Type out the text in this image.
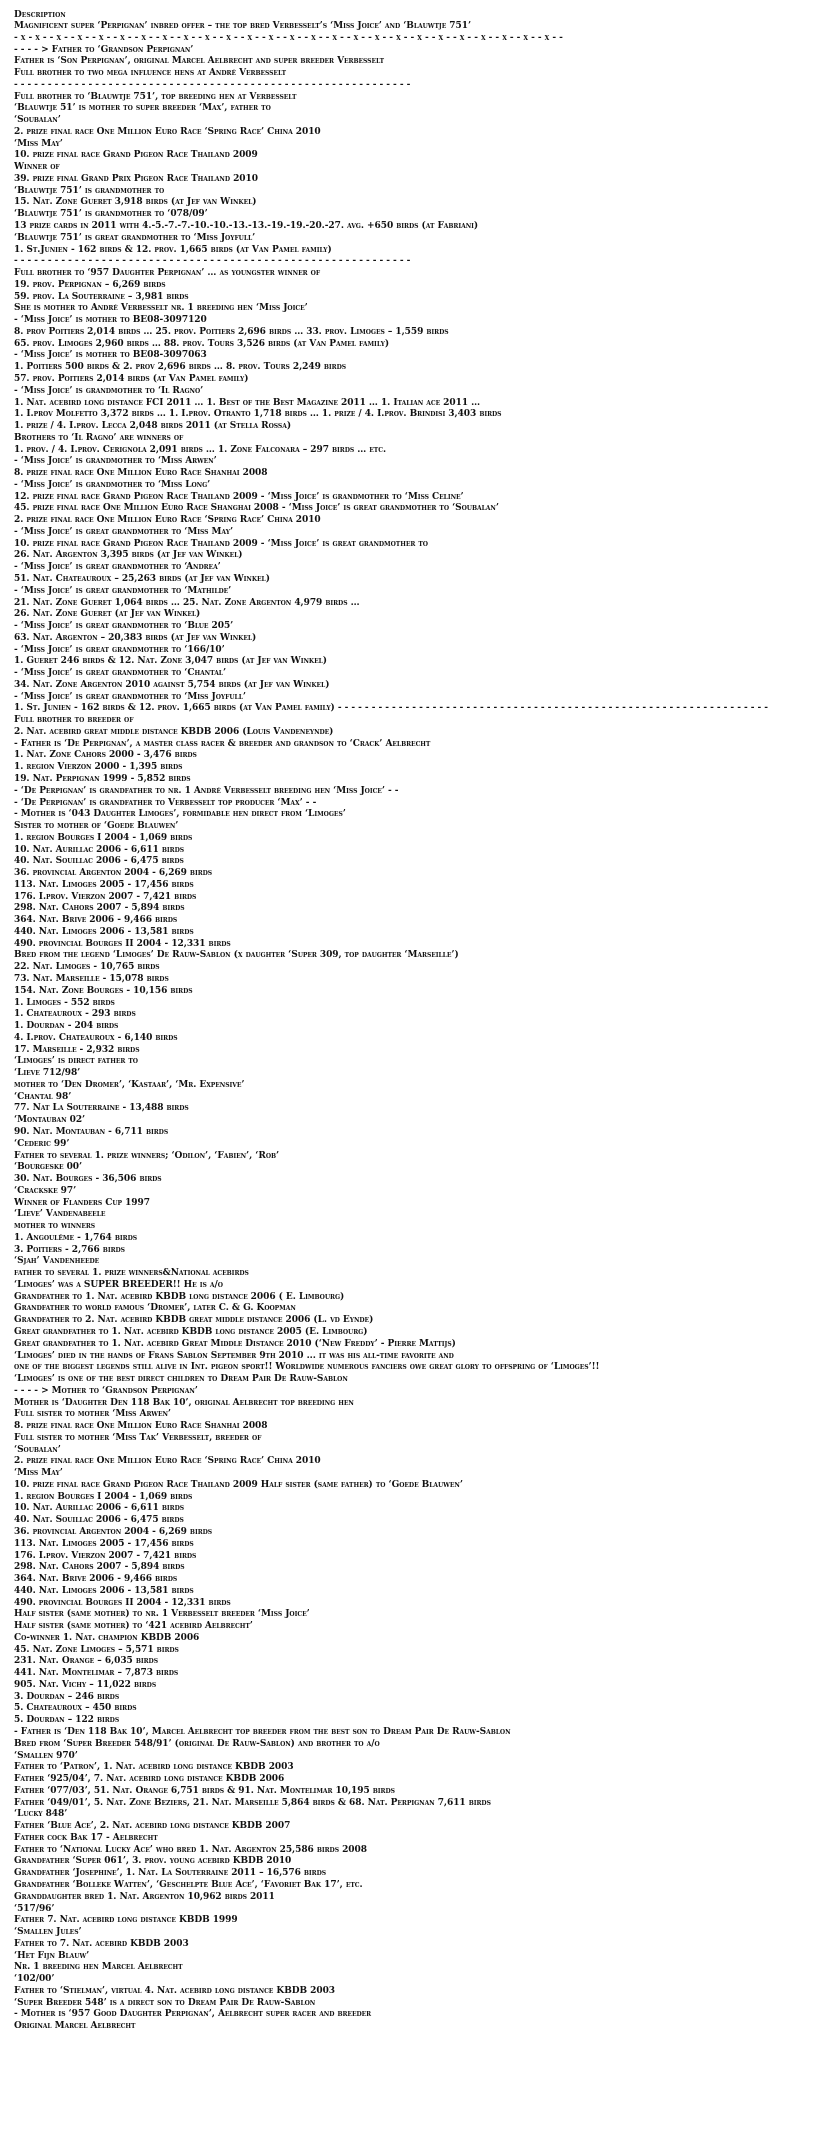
Description
Magnificent super ‘Perpignan’ inbred offer – the top bred Verbesselt’s ‘Miss Joice’ and ‘Blauwtje 751’
- x - x - - x - - x - - x - - x - - x - - x - - x - - x - - x - - x - - x - - x - - x - - x - - x - - x - - x - - x - - x - - x - - x - - x - - x - - x - -
- - - - > Father to ‘Grandson Perpignan’
Father is ‘Son Perpignan’, original Marcel Aelbrecht and super breeder Verbesselt
Full brother to two mega influence hens at André Verbesselt
- - - - - - - - - - - - - - - - - - - - - - - - - - - - - - - - - - - - - - - - - - - - - - - - - - - - - - - - - - -
Full brother to ‘Blauwtje 751’, top breeding hen at Verbesselt
‘Blauwtje 51’ is mother to super breeder ‘Max’, father to
‘Soubalan’
2. prize final race One Million Euro Race ‘Spring Race’ China 2010
‘Miss May’
10. prize final race Grand Pigeon Race Thailand 2009
Winner of
39. prize final Grand Prix Pigeon Race Thailand 2010
‘Blauwtje 751’ is grandmother to
15. Nat. Zone Gueret 3,918 birds (at Jef van Winkel)
‘Blauwtje 751’ is grandmother to ‘078/09’
13 prize cards in 2011 with 4.-5.-7.-7.-10.-10.-13.-13.-19.-19.-20.-27. avg. +650 birds (at Fabriani)
‘Blauwtje 751’ is great grandmother to ‘Miss Joyfull’
1. St.Junien - 162 birds & 12. prov. 1,665 birds (at Van Pamel family)
- - - - - - - - - - - - - - - - - - - - - - - - - - - - - - - - - - - - - - - - - - - - - - - - - - - - - - - - - - -
Full brother to ‘957 Daughter Perpignan’ … as youngster winner of
19. prov. Perpignan – 6,269 birds
59. prov. La Souterraine – 3,981 birds
She is mother to André Verbesselt nr. 1 breeding hen ‘Miss Joice’
- ‘Miss Joice’ is mother to BE08-3097120
8. prov Poitiers 2,014 birds … 25. prov. Poitiers 2,696 birds … 33. prov. Limoges – 1,559 birds
65. prov. Limoges 2,960 birds … 88. prov. Tours 3,526 birds (at Van Pamel family)
- ‘Miss Joice’ is mother to BE08-3097063
1. Poitiers 500 birds & 2. prov 2,696 birds … 8. prov. Tours 2,249 birds
57. prov. Poitiers 2,014 birds (at Van Pamel family)
- ‘Miss Joice’ is grandmother to ‘Il Ragno’
1. Nat. acebird long distance FCI 2011 … 1. Best of the Best Magazine 2011 … 1. Italian ace 2011 …
1. I.prov Molfetto 3,372 birds … 1. I.prov. Otranto 1,718 birds … 1. prize / 4. I.prov. Brindisi 3,403 birds
1. prize / 4. I.prov. Lecca 2,048 birds 2011 (at Stella Rossa)
Brothers to ‘Il Ragno’ are winners of
1. prov. / 4. I.prov. Cerignola 2,091 birds … 1. Zone Falconara – 297 birds … etc.
- ‘Miss Joice’ is grandmother to ‘Miss Arwen’
8. prize final race One Million Euro Race Shanhai 2008
- ‘Miss Joice’ is grandmother to ‘Miss Long’
12. prize final race Grand Pigeon Race Thailand 2009 - ‘Miss Joice’ is grandmother to ‘Miss Celine’
45. prize final race One Million Euro Race Shanghai 2008 - ‘Miss Joice’ is great grandmother to ‘Soubalan’
2. prize final race One Million Euro Race ‘Spring Race’ China 2010
- ‘Miss Joice’ is great grandmother to ‘Miss May’
10. prize final race Grand Pigeon Race Thailand 2009 - ‘Miss Joice’ is great grandmother to
26. Nat. Argenton 3,395 birds (at Jef van Winkel)
- ‘Miss Joice’ is great grandmother to ‘Andrea’
51. Nat. Chateauroux – 25,263 birds (at Jef van Winkel)
- ‘Miss Joice’ is great grandmother to ‘Mathilde’
21. Nat. Zone Gueret 1,064 birds … 25. Nat. Zone Argenton 4,979 birds …
26. Nat. Zone Gueret (at Jef van Winkel)
- ‘Miss Joice’ is great grandmother to ‘Blue 205’
63. Nat. Argenton – 20,383 birds (at Jef van Winkel)
- ‘Miss Joice’ is great grandmother to ‘166/10’
1. Gueret 246 birds & 12. Nat. Zone 3,047 birds (at Jef van Winkel)
- ‘Miss Joice’ is great grandmother to ‘Chantal’
34. Nat. Zone Argenton 2010 against 5,754 birds (at Jef van Winkel)
- ‘Miss Joice’ is great grandmother to ‘Miss Joyfull’
1. St. Junien - 162 birds & 12. prov. 1,665 birds (at Van Pamel family) - - - - - - - - - - - - - - - - - - - - - - - - - - - - - - - - - - - - - - - - - - - - - - - - - - - - - - - - - - - - - - - -
Full brother to breeder of
2. Nat. acebird great middle distance KBDB 2006 (Louis Vandeneynde)
- Father is ‘De Perpignan’, a master class racer & breeder and grandson to ‘Crack’ Aelbrecht
1. Nat. Zone Cahors 2000 - 3,476 birds
1. region Vierzon 2000 - 1,395 birds
19. Nat. Perpignan 1999 - 5,852 birds
- ‘De Perpignan’ is grandfather to nr. 1 André Verbesselt breeding hen ‘Miss Joice’ - -
- ‘De Perpignan’ is grandfather to Verbesselt top producer ‘Max’ - -
- Mother is ‘043 Daughter Limoges’, formidable hen direct from ‘Limoges’
Sister to mother of ‘Goede Blauwen’
1. region Bourges I 2004 - 1,069 birds
10. Nat. Aurillac 2006 - 6,611 birds
40. Nat. Souillac 2006 - 6,475 birds
36. provincial Argenton 2004 - 6,269 birds
113. Nat. Limoges 2005 - 17,456 birds
176. I.prov. Vierzon 2007 - 7,421 birds
298. Nat. Cahors 2007 - 5,894 birds
364. Nat. Brive 2006 - 9,466 birds
440. Nat. Limoges 2006 - 13,581 birds
490. provincial Bourges II 2004 - 12,331 birds
Bred from the legend ‘Limoges’ De Rauw-Sablon (x daughter ‘Super 309, top daughter ‘Marseille’)
22. Nat. Limoges - 10,765 birds
73. Nat. Marseille - 15,078 birds
154. Nat. Zone Bourges - 10,156 birds
1. Limoges - 552 birds
1. Chateauroux - 293 birds
1. Dourdan - 204 birds
4. I.prov. Chateauroux - 6,140 birds
17. Marseille - 2,932 birds
‘Limoges’ is direct father to
‘Lieve 712/98’
mother to ‘Den Dromer’, ‘Kastaar’, ‘Mr. Expensive’
‘Chantal 98’
77. Nat La Souterraine - 13,488 birds
‘Montauban 02’
90. Nat. Montauban - 6,711 birds
‘Cederic 99’
Father to several 1. prize winners; ‘Odilon’, ‘Fabien’, ‘Rob’
‘Bourgeske 00’
30. Nat. Bourges - 36,506 birds
‘Crackske 97’
Winner of Flanders Cup 1997
‘Lieve’ Vandenabeele
mother to winners
1. Angoulême - 1,764 birds
3. Poitiers - 2,766 birds
‘Sjah’ Vandenheede
father to several 1. prize winners&National acebirds
‘Limoges’ was a SUPER BREEDER!! He is a/o
Grandfather to 1. Nat. acebird KBDB long distance 2006 ( E. Limbourg)
Grandfather to world famous ‘Dromer’, later C. & G. Koopman
Grandfather to 2. Nat. acebird KBDB great middle distance 2006 (L. vd Eynde)
Great grandfather to 1. Nat. acebird KBDB long distance 2005 (E. Limbourg)
Great grandfather to 1. Nat. acebird Great Middle Distance 2010 (‘New Freddy’ - Pierre Mattijs)
‘Limoges’ died in the hands of Frans Sablon September 9th 2010 ... it was his all-time favorite and
one of the biggest legends still alive in Int. pigeon sport!! Worldwide numerous fanciers owe great glory to offspring of ‘Limoges’!!
‘Limoges’ is one of the best direct children to Dream Pair De Rauw-Sablon
- - - - > Mother to ‘Grandson Perpignan’
Mother is ‘Daughter Den 118 Bak 10’, original Aelbrecht top breeding hen
Full sister to mother ‘Miss Arwen’
8. prize final race One Million Euro Race Shanhai 2008
Full sister to mother ‘Miss Tak’ Verbesselt, breeder of
‘Soubalan’
2. prize final race One Million Euro Race ‘Spring Race’ China 2010
‘Miss May’
10. prize final race Grand Pigeon Race Thailand 2009 Half sister (same father) to ‘Goede Blauwen’
1. region Bourges I 2004 - 1,069 birds
10. Nat. Aurillac 2006 - 6,611 birds
40. Nat. Souillac 2006 - 6,475 birds
36. provincial Argenton 2004 - 6,269 birds
113. Nat. Limoges 2005 - 17,456 birds
176. I.prov. Vierzon 2007 - 7,421 birds
298. Nat. Cahors 2007 - 5,894 birds
364. Nat. Brive 2006 - 9,466 birds
440. Nat. Limoges 2006 - 13,581 birds
490. provincial Bourges II 2004 - 12,331 birds
Half sister (same mother) to nr. 1 Verbesselt breeder ‘Miss Joice’
Half sister (same mother) to ‘421 acebird Aelbrecht’
Co-winner 1. Nat. champion KBDB 2006
45. Nat. Zone Limoges – 5,571 birds
231. Nat. Orange – 6,035 birds
441. Nat. Montelimar – 7,873 birds
905. Nat. Vichy – 11,022 birds
3. Dourdan – 246 birds
5. Chateauroux – 450 birds
5. Dourdan – 122 birds
- Father is ‘Den 118 Bak 10’, Marcel Aelbrecht top breeder from the best son to Dream Pair De Rauw-Sablon
Bred from ‘Super Breeder 548/91’ (original De Rauw-Sablon) and brother to a/o
‘Smallen 970’
Father to ‘Patron’, 1. Nat. acebird long distance KBDB 2003
Father ‘925/04’, 7. Nat. acebird long distance KBDB 2006
Father ‘077/03’, 51. Nat. Orange 6,751 birds & 91. Nat. Montelimar 10,195 birds
Father ‘049/01’, 5. Nat. Zone Beziers, 21. Nat. Marseille 5,864 birds & 68. Nat. Perpignan 7,611 birds
‘Lucky 848’
Father ‘Blue Ace’, 2. Nat. acebird long distance KBDB 2007
Father cock Bak 17 - Aelbrecht
Father to ‘National Lucky Ace’ who bred 1. Nat. Argenton 25,586 birds 2008
Grandfather ‘Super 061’, 3. prov. young acebird KBDB 2010
Grandfather ‘Josephine’, 1. Nat. La Souterraine 2011 – 16,576 birds
Grandfather ‘Bolleke Watten’, ‘Geschelpte Blue Ace’, ‘Favoriet Bak 17’, etc.
Granddaughter bred 1. Nat. Argenton 10,962 birds 2011
‘517/96’
Father 7. Nat. acebird long distance KBDB 1999
‘Smallen Jules’
Father to 7. Nat. acebird KBDB 2003
‘Het Fijn Blauw’
Nr. 1 breeding hen Marcel Aelbrecht
‘102/00’
Father to ‘Stielman’, virtual 4. Nat. acebird long distance KBDB 2003
‘Super Breeder 548’ is a direct son to Dream Pair De Rauw-Sablon
- Mother is ‘957 Good Daughter Perpignan’, Aelbrecht super racer and breeder
Original Marcel Aelbrecht
